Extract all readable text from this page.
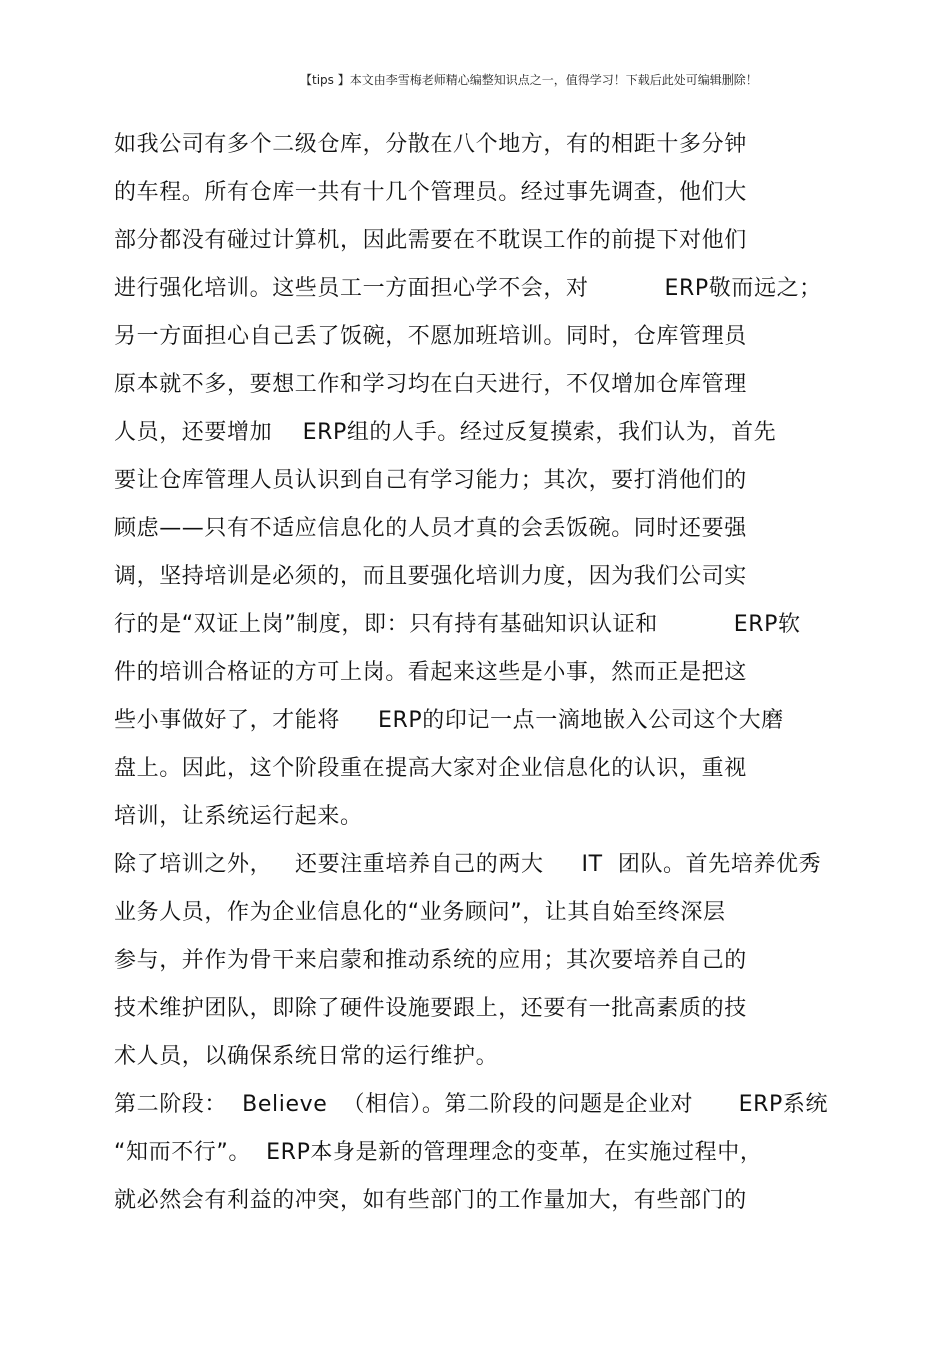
【tips 】本文由李雪梅老师精心编整知识点之一，值得学习！下载后此处可编辑删除！

如我公司有多个二级仓库，分散在八个地方，有的相距十多分钟

的车程。所有仓库一共有十几个管理员。经过事先调查，他们大

部分都没有碰过计算机，因此需要在不耽误工作的前提下对他们

进行强化培训。这些员工一方面担心学不会，对          ERP敬而远之；

另一方面担心自己丢了饭碗，不愿加班培训。同时，仓库管理员

原本就不多，要想工作和学习均在白天进行，不仅增加仓库管理

人员，还要增加    ERP组的人手。经过反复摸索，我们认为，首先

要让仓库管理人员认识到自己有学习能力；其次，要打消他们的

顾虑——只有不适应信息化的人员才真的会丢饭碗。同时还要强

调，坚持培训是必须的，而且要强化培训力度，因为我们公司实

行的是“双证上岗”制度，即：只有持有基础知识认证和          ERP软

件的培训合格证的方可上岗。看起来这些是小事，然而正是把这

些小事做好了，才能将     ERP的印记一点一滴地嵌入公司这个大磨

盘上。因此，这个阶段重在提高大家对企业信息化的认识，重视

培训，让系统运行起来。

除了培训之外，   还要注重培养自己的两大     IT  团队。首先培养优秀

业务人员，作为企业信息化的“业务顾问”，让其自始至终深层

参与，并作为骨干来启蒙和推动系统的应用；其次要培养自己的

技术维护团队，即除了硬件设施要跟上，还要有一批高素质的技

术人员，以确保系统日常的运行维护。

第二阶段：  Believe  （相信）。第二阶段的问题是企业对      ERP系统

“知而不行”。  ERP本身是新的管理理念的变革，在实施过程中，

就必然会有利益的冲突，如有些部门的工作量加大，有些部门的
